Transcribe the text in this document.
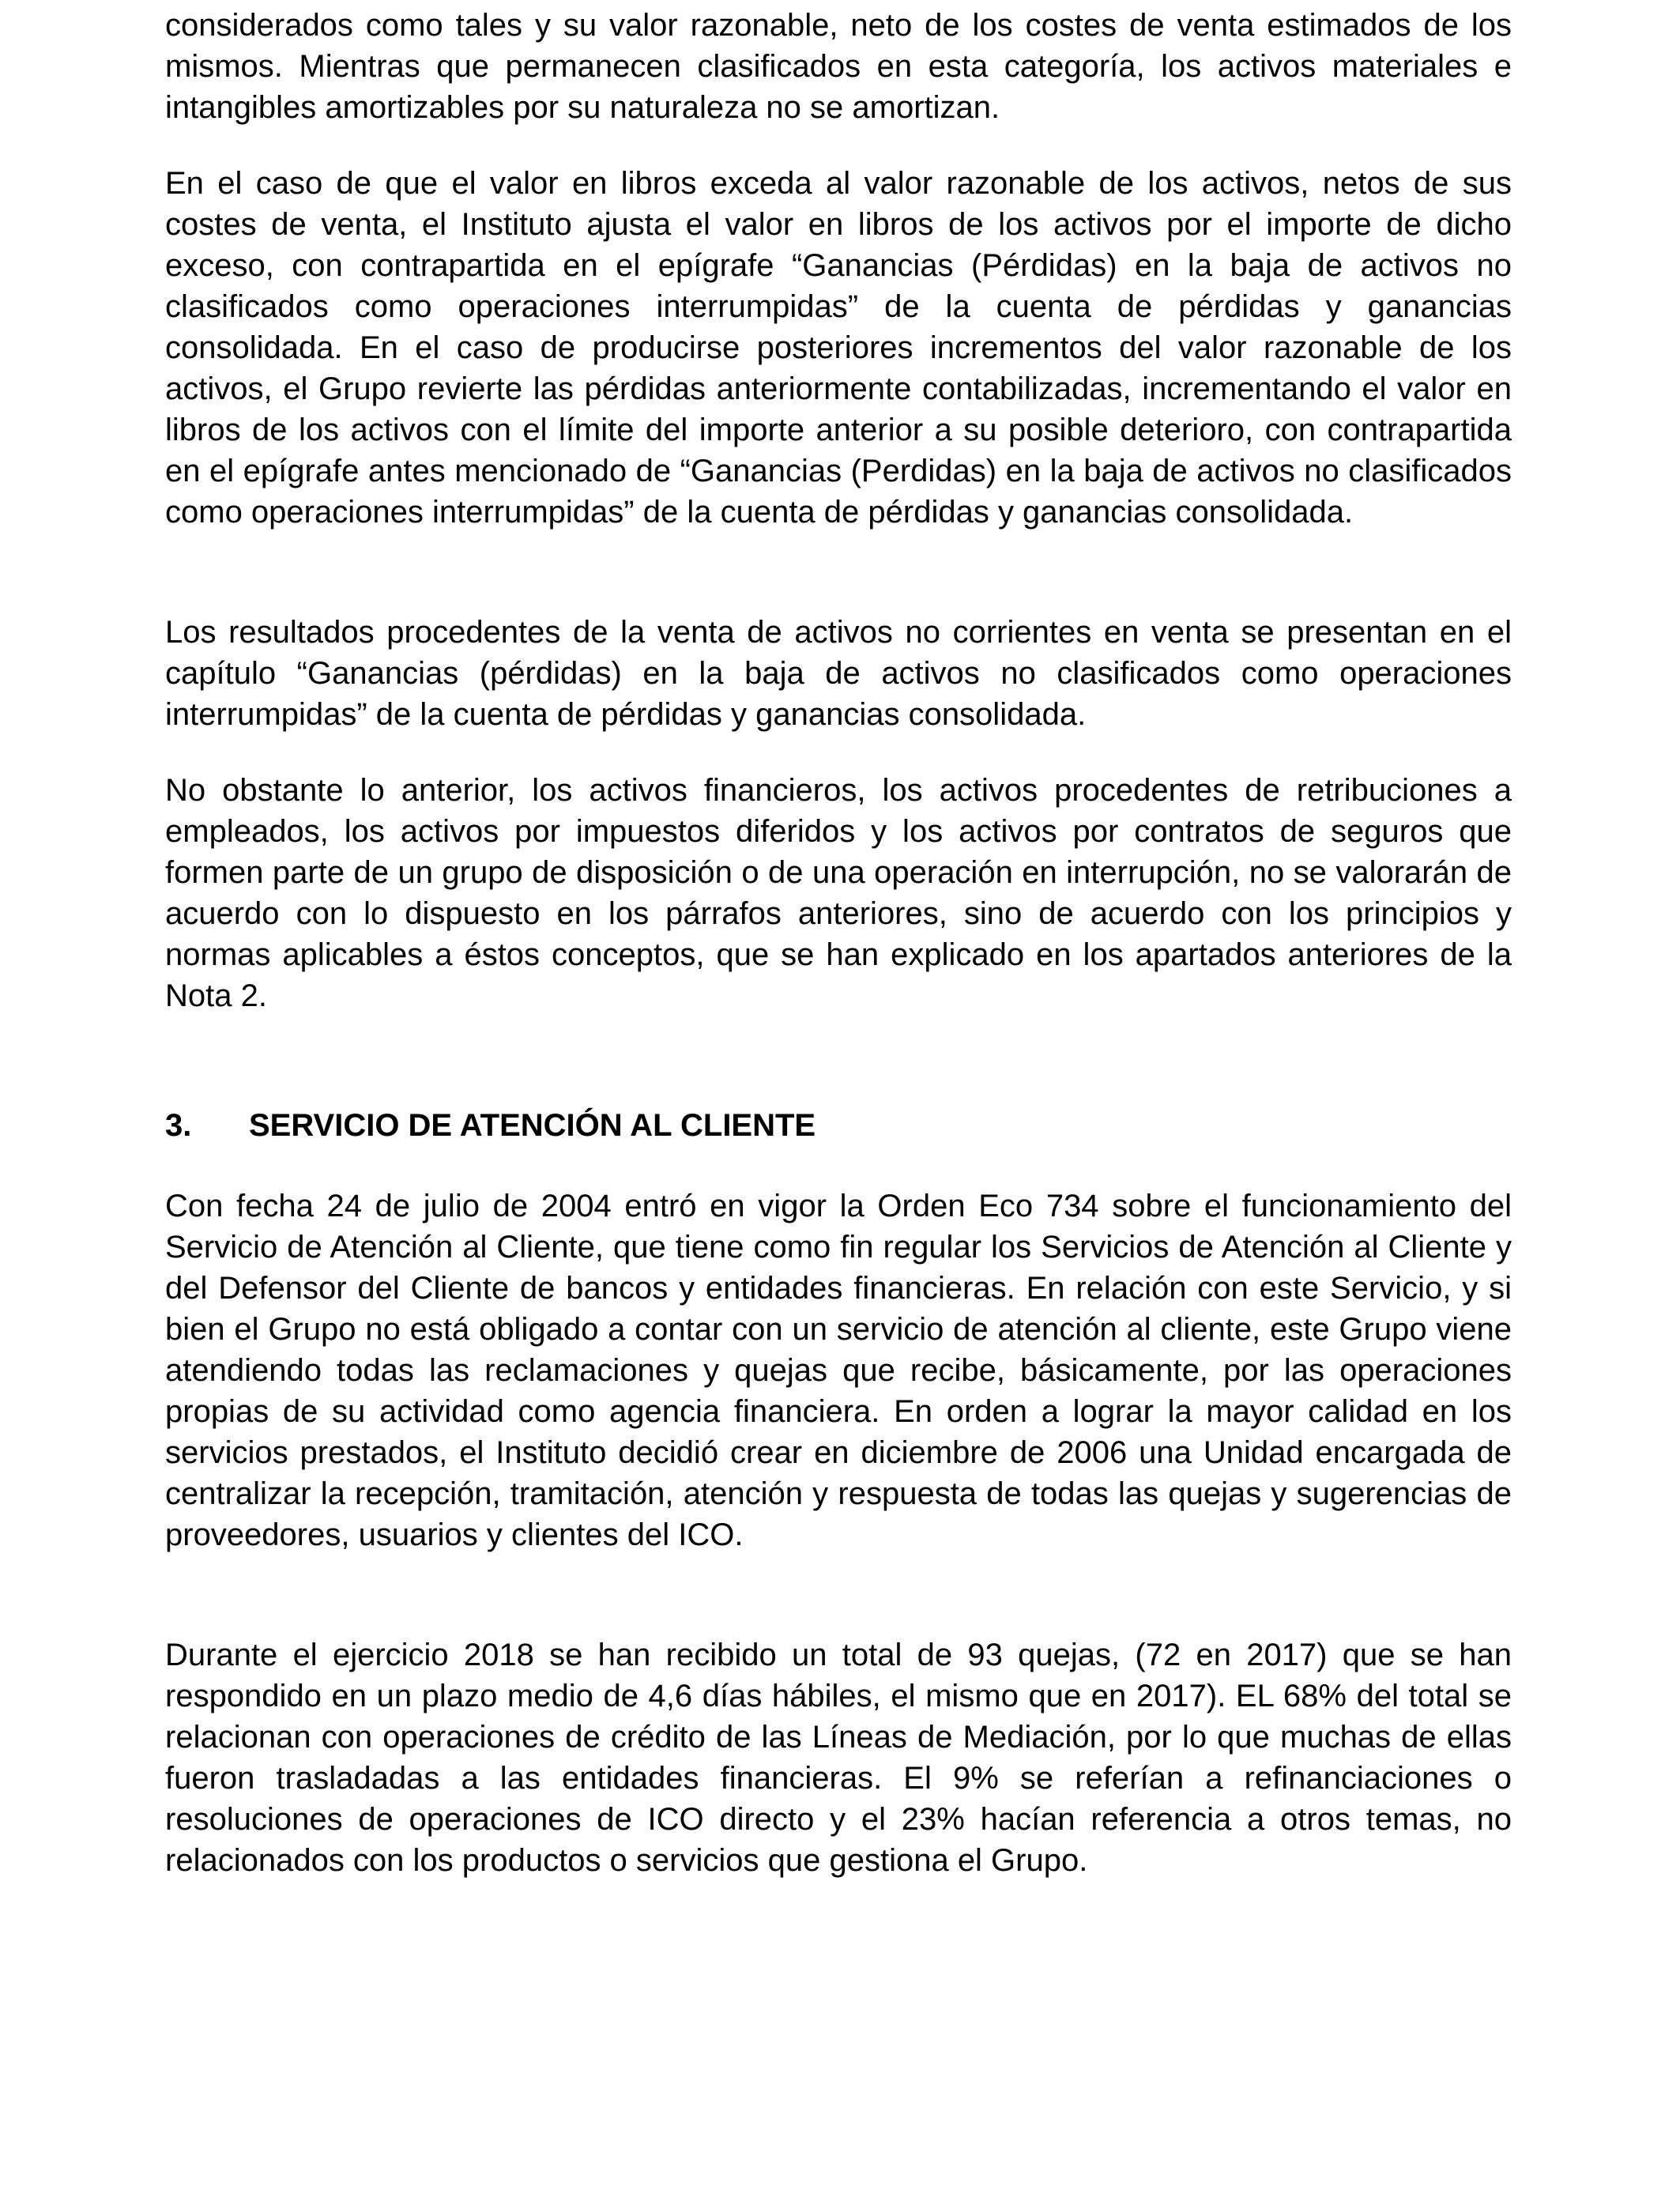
considerados como tales y su valor razonable, neto de los costes de venta estimados de los mismos. Mientras que permanecen clasificados en esta categoría, los activos materiales e intangibles amortizables por su naturaleza no se amortizan.

En el caso de que el valor en libros exceda al valor razonable de los activos, netos de sus costes de venta, el Instituto ajusta el valor en libros de los activos por el importe de dicho exceso, con contrapartida en el epígrafe “Ganancias (Pérdidas) en la baja de activos no clasificados como operaciones interrumpidas” de la cuenta de pérdidas y ganancias consolidada. En el caso de producirse posteriores incrementos del valor razonable de los activos, el Grupo revierte las pérdidas anteriormente contabilizadas, incrementando el valor en libros de los activos con el límite del importe anterior a su posible deterioro, con contrapartida en el epígrafe antes mencionado de “Ganancias (Perdidas) en la baja de activos no clasificados como operaciones interrumpidas” de la cuenta de pérdidas y ganancias consolidada.

Los resultados procedentes de la venta de activos no corrientes en venta se presentan en el capítulo “Ganancias (pérdidas) en la baja de activos no clasificados como operaciones interrumpidas” de la cuenta de pérdidas y ganancias consolidada.

No obstante lo anterior, los activos financieros, los activos procedentes de retribuciones a empleados, los activos por impuestos diferidos y los activos por contratos de seguros que formen parte de un grupo de disposición o de una operación en interrupción, no se valorarán de acuerdo con lo dispuesto en los párrafos anteriores, sino de acuerdo con los principios y normas aplicables a éstos conceptos, que se han explicado en los apartados anteriores de la Nota 2.

3. SERVICIO DE ATENCIÓN AL CLIENTE

Con fecha 24 de julio de 2004 entró en vigor la Orden Eco 734 sobre el funcionamiento del Servicio de Atención al Cliente, que tiene como fin regular los Servicios de Atención al Cliente y del Defensor del Cliente de bancos y entidades financieras. En relación con este Servicio, y si bien el Grupo no está obligado a contar con un servicio de atención al cliente, este Grupo viene atendiendo todas las reclamaciones y quejas que recibe, básicamente, por las operaciones propias de su actividad como agencia financiera. En orden a lograr la mayor calidad en los servicios prestados, el Instituto decidió crear en diciembre de 2006 una Unidad encargada de centralizar la recepción, tramitación, atención y respuesta de todas las quejas y sugerencias de proveedores, usuarios y clientes del ICO.

Durante el ejercicio 2018 se han recibido un total de 93 quejas, (72 en 2017) que se han respondido en un plazo medio de 4,6 días hábiles, el mismo que en 2017). EL 68% del total se relacionan con operaciones de crédito de las Líneas de Mediación, por lo que muchas de ellas fueron trasladadas a las entidades financieras. El 9% se referían a refinanciaciones o resoluciones de operaciones de ICO directo y el 23% hacían referencia a otros temas, no relacionados con los productos o servicios que gestiona el Grupo.
